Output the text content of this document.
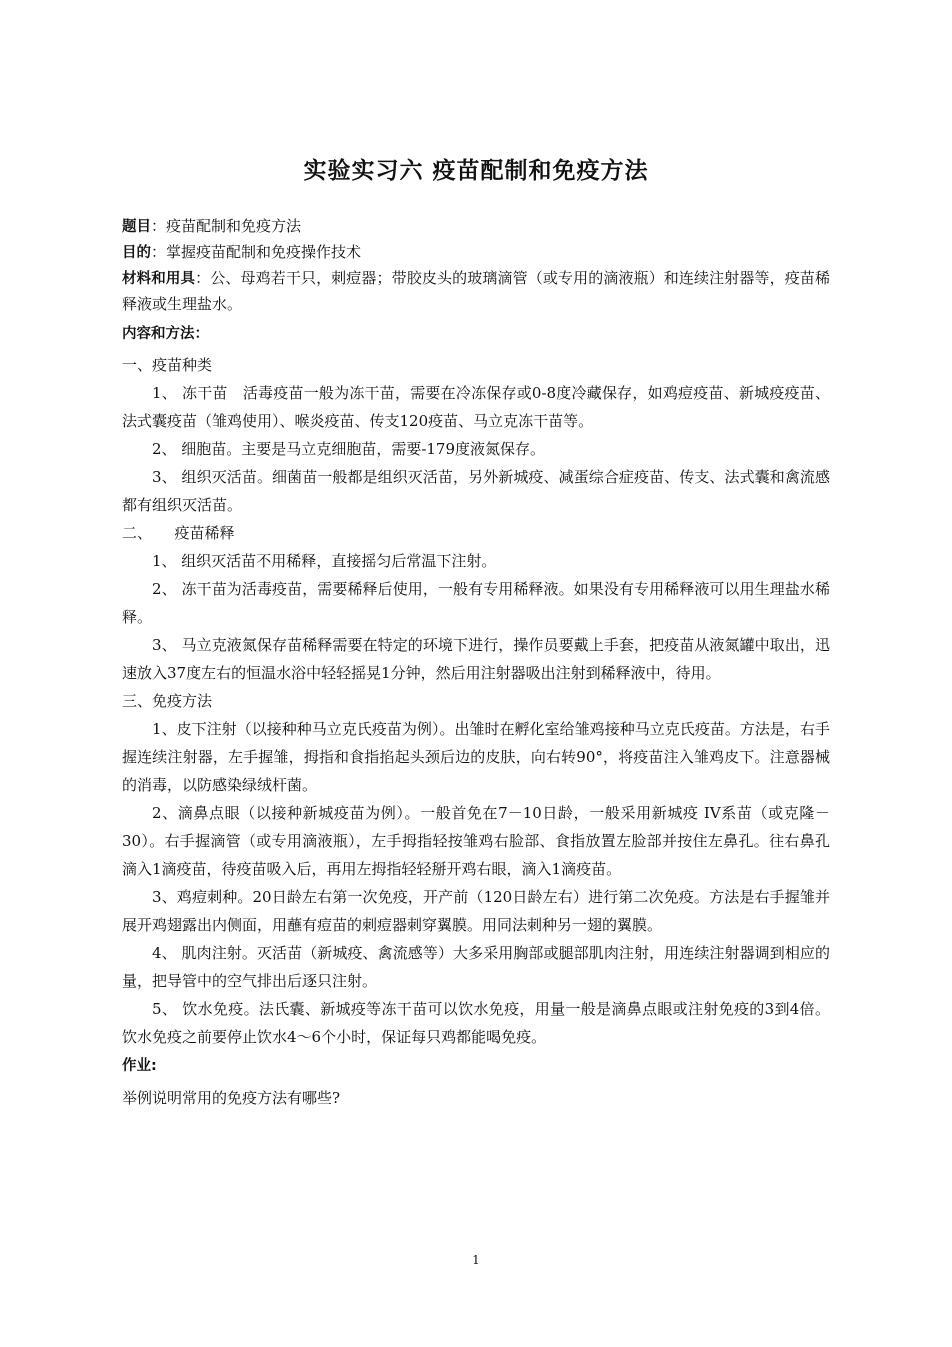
实验实习六 疫苗配制和免疫方法

题目：疫苗配制和免疫方法

目的：掌握疫苗配制和免疫操作技术

材料和用具：公、母鸡若干只，刺痘器；带胶皮头的玻璃滴管（或专用的滴液瓶）和连续注射器等，疫苗稀释液或生理盐水。

内容和方法：

一、疫苗种类

1、 冻干苗　活毒疫苗一般为冻干苗，需要在冷冻保存或0-8度冷藏保存，如鸡痘疫苗、新城疫疫苗、法式囊疫苗（雏鸡使用）、喉炎疫苗、传支120疫苗、马立克冻干苗等。

2、 细胞苗。主要是马立克细胞苗，需要-179度液氮保存。

3、 组织灭活苗。细菌苗一般都是组织灭活苗，另外新城疫、减蛋综合症疫苗、传支、法式囊和禽流感都有组织灭活苗。

二、　　疫苗稀释

1、 组织灭活苗不用稀释，直接摇匀后常温下注射。

2、 冻干苗为活毒疫苗，需要稀释后使用，一般有专用稀释液。如果没有专用稀释液可以用生理盐水稀释。

3、 马立克液氮保存苗稀释需要在特定的环境下进行，操作员要戴上手套，把疫苗从液氮罐中取出，迅速放入37度左右的恒温水浴中轻轻摇晃1分钟，然后用注射器吸出注射到稀释液中，待用。

三、免疫方法

1、皮下注射（以接种种马立克氏疫苗为例）。出雏时在孵化室给雏鸡接种马立克氏疫苗。方法是，右手握连续注射器，左手握雏，拇指和食指掐起头颈后边的皮肤，向右转90°，将疫苗注入雏鸡皮下。注意器械的消毒，以防感染绿绒杆菌。

2、滴鼻点眼（以接种新城疫苗为例）。一般首免在7－10日龄，一般采用新城疫 IV系苗（或克隆－30）。右手握滴管（或专用滴液瓶），左手拇指轻按雏鸡右脸部、食指放置左脸部并按住左鼻孔。往右鼻孔滴入1滴疫苗，待疫苗吸入后，再用左拇指轻轻掰开鸡右眼，滴入1滴疫苗。

3、鸡痘刺种。20日龄左右第一次免疫，开产前（120日龄左右）进行第二次免疫。方法是右手握雏并展开鸡翅露出内侧面，用蘸有痘苗的刺痘器刺穿翼膜。用同法刺种另一翅的翼膜。

4、 肌肉注射。灭活苗（新城疫、禽流感等）大多采用胸部或腿部肌肉注射，用连续注射器调到相应的量，把导管中的空气排出后逐只注射。

5、 饮水免疫。法氏囊、新城疫等冻干苗可以饮水免疫，用量一般是滴鼻点眼或注射免疫的3到4倍。饮水免疫之前要停止饮水4～6个小时，保证每只鸡都能喝免疫。

作业:

举例说明常用的免疫方法有哪些?

1
